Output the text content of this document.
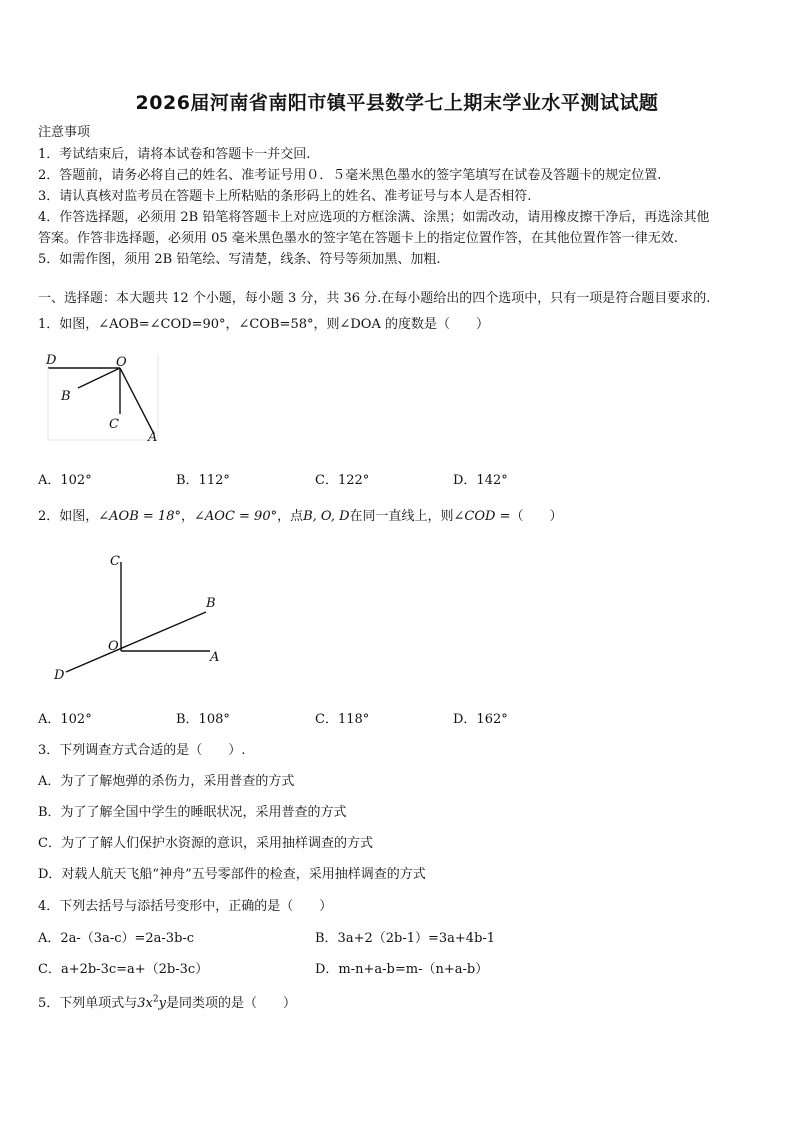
2026届河南省南阳市镇平县数学七上期末学业水平测试试题
注意事项
1．考试结束后，请将本试卷和答题卡一并交回.
2．答题前，请务必将自己的姓名、准考证号用０．５毫米黑色墨水的签字笔填写在试卷及答题卡的规定位置.
3．请认真核对监考员在答题卡上所粘贴的条形码上的姓名、准考证号与本人是否相符.
4．作答选择题，必须用 2B 铅笔将答题卡上对应选项的方框涂满、涂黑；如需改动，请用橡皮擦干净后，再选涂其他
答案。作答非选择题，必须用 05 毫米黑色墨水的签字笔在答题卡上的指定位置作答，在其他位置作答一律无效.
5．如需作图，须用 2B 铅笔绘、写清楚，线条、符号等须加黑、加粗.
一、选择题：本大题共 12 个小题，每小题 3 分，共 36 分.在每小题给出的四个选项中，只有一项是符合题目要求的.
1．如图，∠AOB=∠COD=90°，∠COB=58°，则∠DOA 的度数是（　　）
D	O
B
C
A
A．102°	B．112°	C．122°	D．142°
2．如图，∠AOB = 18°，∠AOC = 90°，点B, O, D在同一直线上，则∠COD =（　　）
C
B
O
A
D
A．102°	B．108°	C．118°	D．162°
3．下列调查方式合适的是（　　）.
A．为了了解炮弹的杀伤力，采用普查的方式
B．为了了解全国中学生的睡眠状况，采用普查的方式
C．为了了解人们保护水资源的意识，采用抽样调查的方式
D．对载人航天飞船“神舟”五号零部件的检查，采用抽样调查的方式
4．下列去括号与添括号变形中，正确的是（　　）
A．2a-（3a-c）=2a-3b-c	B．3a+2（2b-1）=3a+4b-1
C．a+2b-3c=a+（2b-3c）	D．m-n+a-b=m-（n+a-b）
5．下列单项式与$3x^2y$是同类项的是（　　）
